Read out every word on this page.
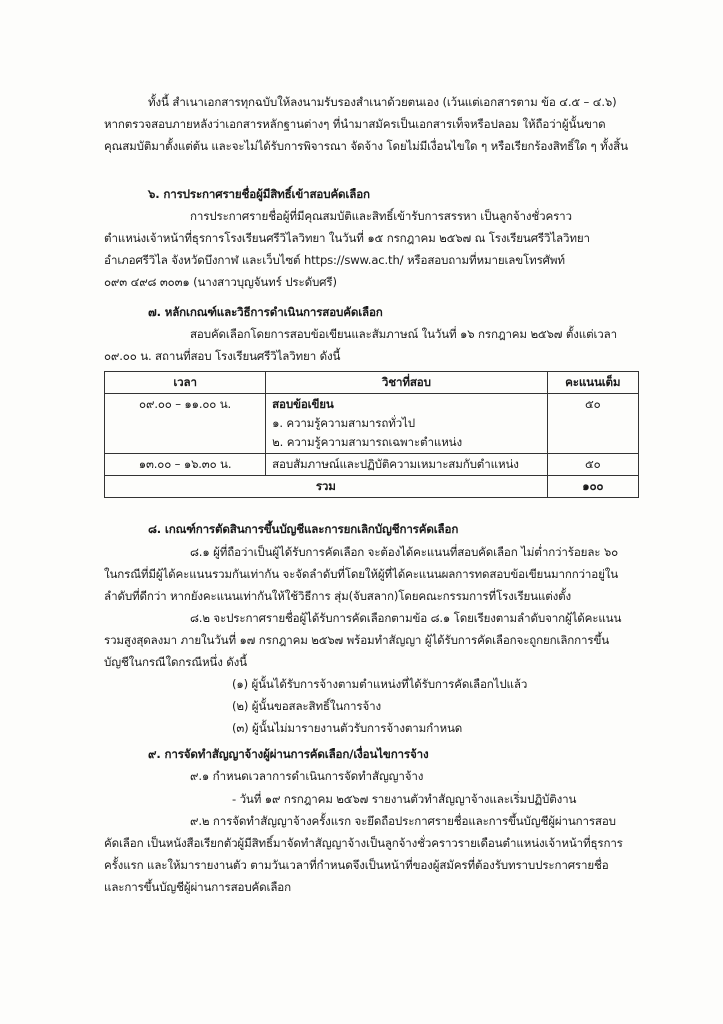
ทั้งนี้ สำเนาเอกสารทุกฉบับให้ลงนามรับรองสำเนาด้วยตนเอง (เว้นแต่เอกสารตาม ข้อ ๔.๕ – ๔.๖)
หากตรวจสอบภายหลังว่าเอกสารหลักฐานต่างๆ ที่นำมาสมัครเป็นเอกสารเท็จหรือปลอม ให้ถือว่าผู้นั้นขาด
คุณสมบัติมาตั้งแต่ต้น และจะไม่ได้รับการพิจารณา จัดจ้าง โดยไม่มีเงื่อนไขใด ๆ หรือเรียกร้องสิทธิ์ใด ๆ ทั้งสิ้น
๖. การประกาศรายชื่อผู้มีสิทธิ์เข้าสอบคัดเลือก
การประกาศรายชื่อผู้ที่มีคุณสมบัติและสิทธิ์เข้ารับการสรรหา เป็นลูกจ้างชั่วคราว
ตำแหน่งเจ้าหน้าที่ธุรการโรงเรียนศรีวิไลวิทยา ในวันที่ ๑๕ กรกฎาคม ๒๕๖๗ ณ โรงเรียนศรีวิไลวิทยา
อำเภอศรีวิไล จังหวัดบึงกาฬ และเว็บไซต์ https://sww.ac.th/ หรือสอบถามที่หมายเลขโทรศัพท์
๐๙๓ ๔๙๘ ๓๐๓๑ (นางสาวบุญจันทร์ ประดับศรี)
๗. หลักเกณฑ์และวิธีการดำเนินการสอบคัดเลือก
สอบคัดเลือกโดยการสอบข้อเขียนและสัมภาษณ์ ในวันที่ ๑๖ กรกฎาคม ๒๕๖๗ ตั้งแต่เวลา
๐๙.๐๐ น. สถานที่สอบ โรงเรียนศรีวิไลวิทยา ดังนี้
เวลา	วิชาที่สอบ	คะแนนเต็ม
๐๙.๐๐ – ๑๑.๐๐ น.	สอบข้อเขียน
๑. ความรู้ความสามารถทั่วไป
๒. ความรู้ความสามารถเฉพาะตำแหน่ง	๕๐
๑๓.๐๐ – ๑๖.๓๐ น.	สอบสัมภาษณ์และปฏิบัติความเหมาะสมกับตำแหน่ง	๕๐
รวม		๑๐๐
๘. เกณฑ์การตัดสินการขึ้นบัญชีและการยกเลิกบัญชีการคัดเลือก
๘.๑ ผู้ที่ถือว่าเป็นผู้ได้รับการคัดเลือก จะต้องได้คะแนนที่สอบคัดเลือก ไม่ต่ำกว่าร้อยละ ๖๐
ในกรณีที่มีผู้ได้คะแนนรวมกันเท่ากัน จะจัดลำดับที่โดยให้ผู้ที่ได้คะแนนผลการทดสอบข้อเขียนมากกว่าอยู่ใน
ลำดับที่ดีกว่า หากยังคะแนนเท่ากันให้ใช้วิธีการ สุ่ม(จับสลาก)โดยคณะกรรมการที่โรงเรียนแต่งตั้ง
๘.๒ จะประกาศรายชื่อผู้ได้รับการคัดเลือกตามข้อ ๘.๑ โดยเรียงตามลำดับจากผู้ได้คะแนน
รวมสูงสุดลงมา ภายในวันที่ ๑๗ กรกฎาคม ๒๕๖๗ พร้อมทำสัญญา ผู้ได้รับการคัดเลือกจะถูกยกเลิกการขึ้น
บัญชีในกรณีใดกรณีหนึ่ง ดังนี้
(๑) ผู้นั้นได้รับการจ้างตามตำแหน่งที่ได้รับการคัดเลือกไปแล้ว
(๒) ผู้นั้นขอสละสิทธิ์ในการจ้าง
(๓) ผู้นั้นไม่มารายงานตัวรับการจ้างตามกำหนด
๙. การจัดทำสัญญาจ้างผู้ผ่านการคัดเลือก/เงื่อนไขการจ้าง
๙.๑ กำหนดเวลาการดำเนินการจัดทำสัญญาจ้าง
- วันที่ ๑๙ กรกฎาคม ๒๕๖๗ รายงานตัวทำสัญญาจ้างและเริ่มปฏิบัติงาน
๙.๒ การจัดทำสัญญาจ้างครั้งแรก จะยึดถือประกาศรายชื่อและการขึ้นบัญชีผู้ผ่านการสอบ
คัดเลือก เป็นหนังสือเรียกตัวผู้มีสิทธิ์มาจัดทำสัญญาจ้างเป็นลูกจ้างชั่วคราวรายเดือนตำแหน่งเจ้าหน้าที่ธุรการ
ครั้งแรก และให้มารายงานตัว ตามวันเวลาที่กำหนดจึงเป็นหน้าที่ของผู้สมัครที่ต้องรับทราบประกาศรายชื่อ
และการขึ้นบัญชีผู้ผ่านการสอบคัดเลือก
